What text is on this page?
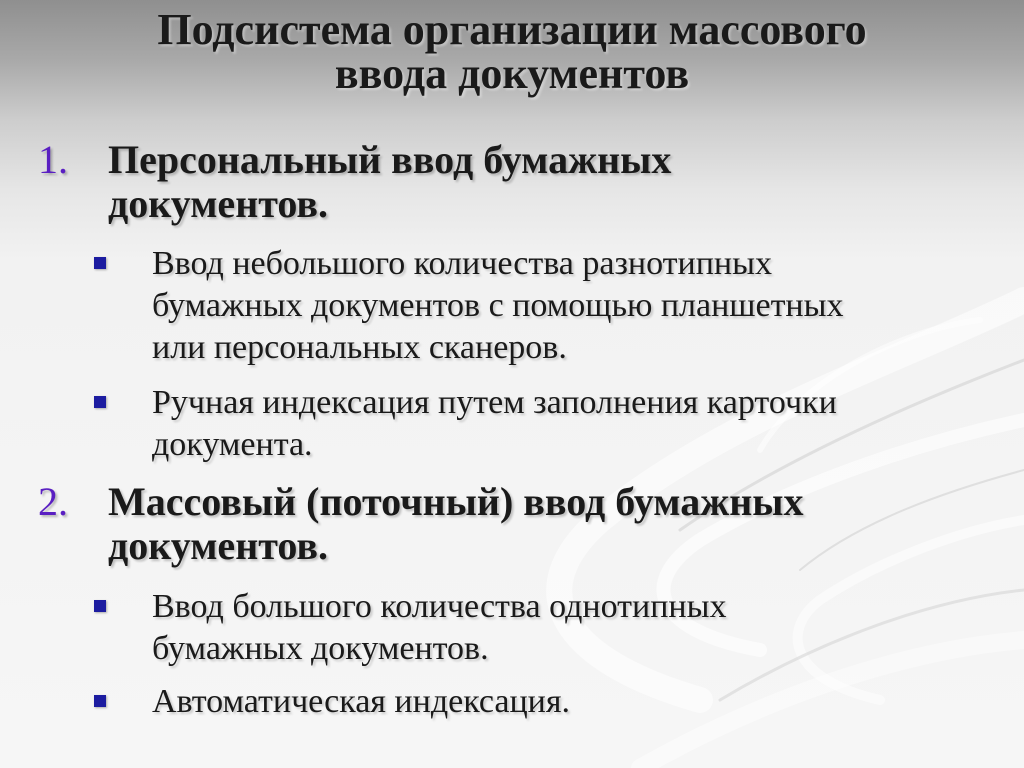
Подсистема организации массового
ввода документов
1. Персональный ввод бумажных
документов.
Ввод небольшого количества разнотипных
бумажных документов с помощью планшетных
или персональных сканеров.
Ручная индексация путем заполнения карточки
документа.
2. Массовый (поточный) ввод бумажных
документов.
Ввод большого количества однотипных
бумажных документов.
Автоматическая индексация.
